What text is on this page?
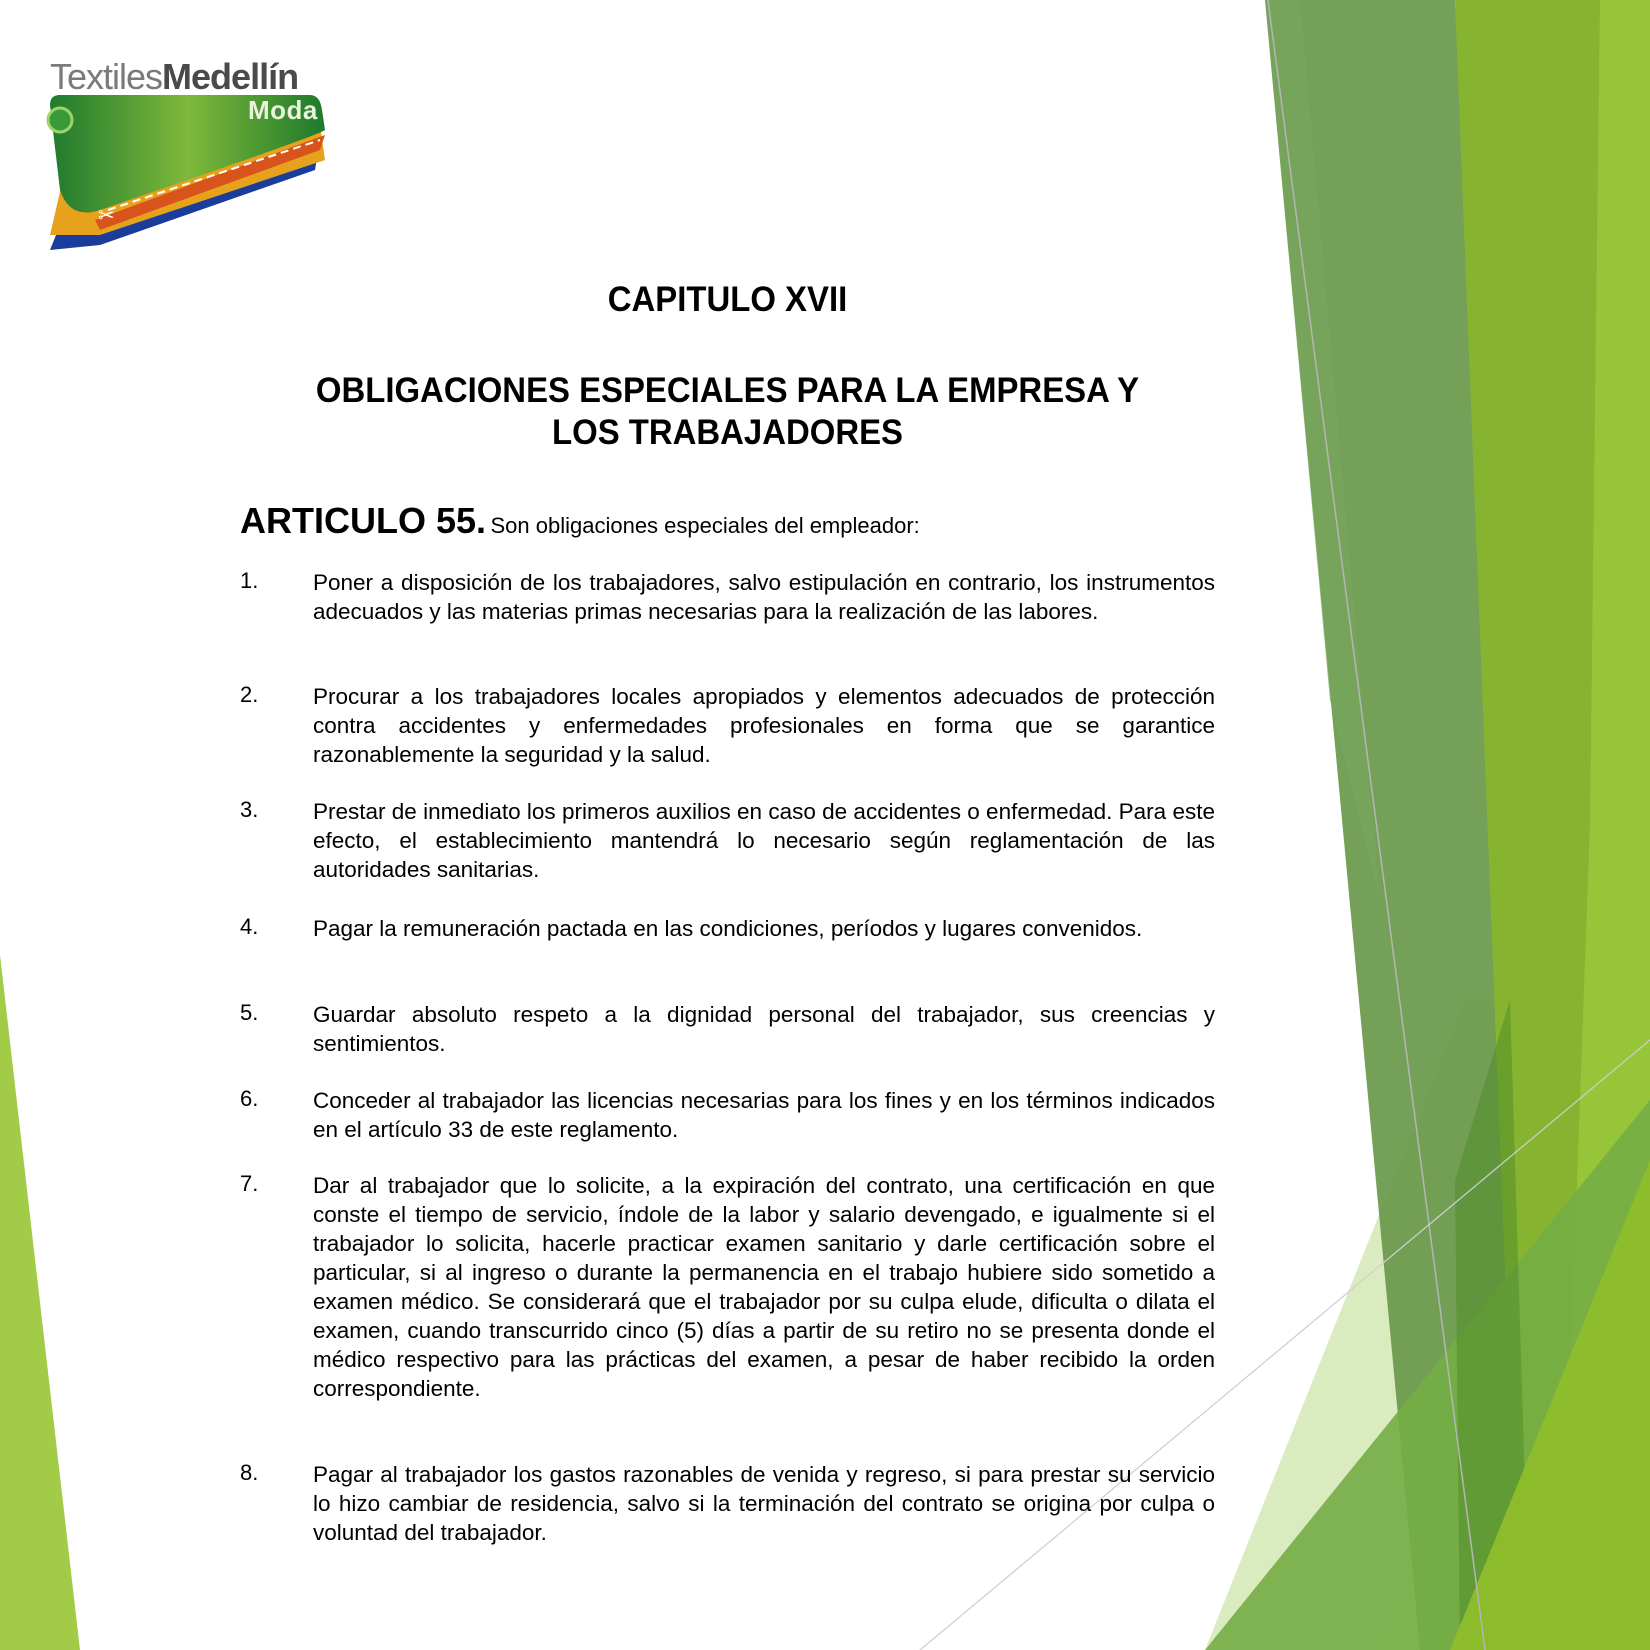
✂
TextilesMedellín
Moda
CAPITULO XVII
OBLIGACIONES ESPECIALES PARA LA EMPRESA Y
LOS TRABAJADORES
ARTICULO 55. Son obligaciones especiales del empleador:
1. Poner a disposición de los trabajadores, salvo estipulación en contrario, los instrumentos adecuados y las materias primas necesarias para la realización de las labores.
2. Procurar a los trabajadores locales apropiados y elementos adecuados de protección contra accidentes y enfermedades profesionales en forma que se garantice razonablemente la seguridad y la salud.
3. Prestar de inmediato los primeros auxilios en caso de accidentes o enfermedad. Para este efecto, el establecimiento mantendrá lo necesario según reglamentación de las autoridades sanitarias.
4. Pagar la remuneración pactada en las condiciones, períodos y lugares convenidos.
5. Guardar absoluto respeto a la dignidad personal del trabajador, sus creencias y sentimientos.
6. Conceder al trabajador las licencias necesarias para los fines y en los términos indicados en el artículo 33 de este reglamento.
7. Dar al trabajador que lo solicite, a la expiración del contrato, una certificación en que conste el tiempo de servicio, índole de la labor y salario devengado, e igualmente si el trabajador lo solicita, hacerle practicar examen sanitario y darle certificación sobre el particular, si al ingreso o durante la permanencia en el trabajo hubiere sido sometido a examen médico. Se considerará que el trabajador por su culpa elude, dificulta o dilata el examen, cuando transcurrido cinco (5) días a partir de su retiro no se presenta donde el médico respectivo para las prácticas del examen, a pesar de haber recibido la orden correspondiente.
8. Pagar al trabajador los gastos razonables de venida y regreso, si para prestar su servicio lo hizo cambiar de residencia, salvo si la terminación del contrato se origina por culpa o voluntad del trabajador.
